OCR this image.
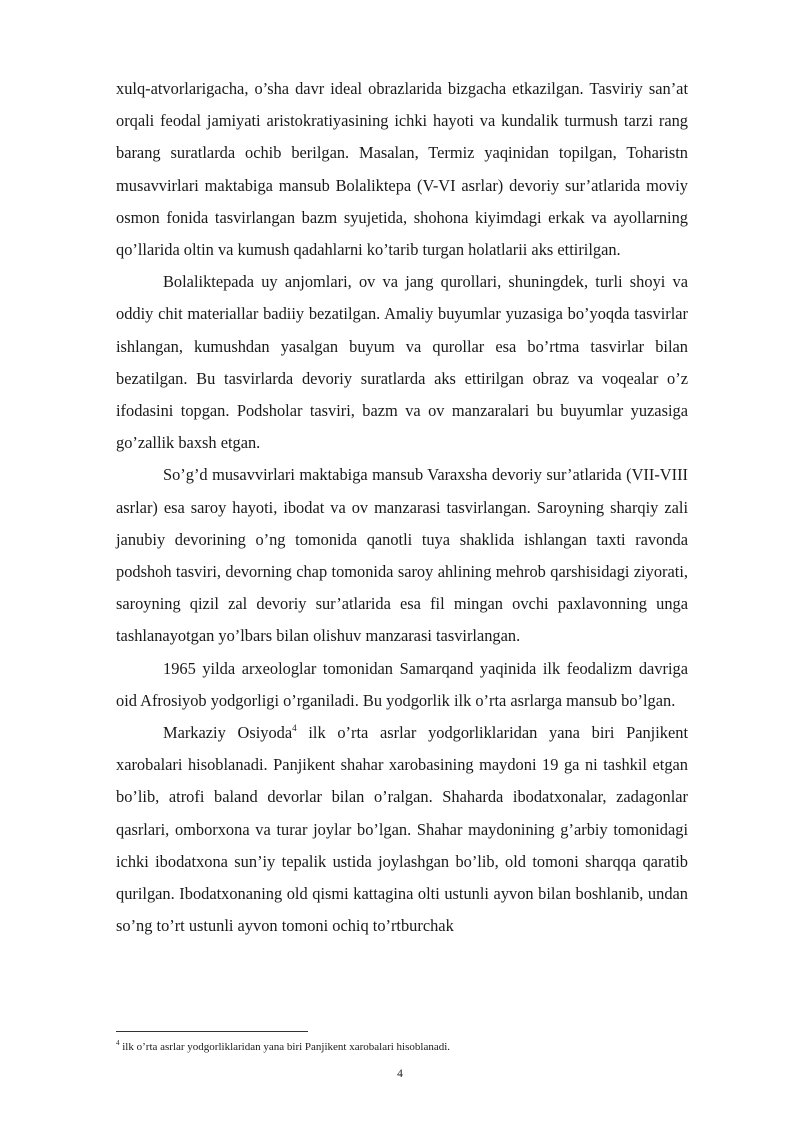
xulq-atvorlarigacha, o’sha davr ideal obrazlarida bizgacha etkazilgan. Tasviriy san’at orqali feodal jamiyati aristokratiyasining ichki hayoti va kundalik turmush tarzi rang barang suratlarda ochib berilgan. Masalan, Termiz yaqinidan topilgan, Toharistn musavvirlari maktabiga mansub Bolaliktepa (V-VI asrlar) devoriy sur’atlarida moviy osmon fonida tasvirlangan bazm syujetida, shohona kiyimdagi erkak va ayollarning qo’llarida oltin va kumush qadahlarni ko’tarib turgan holatlarii aks ettirilgan.

Bolaliktepada uy anjomlari, ov va jang qurollari, shuningdek, turli shoyi va oddiy chit materiallar badiiy bezatilgan. Amaliy buyumlar yuzasiga bo’yoqda tasvirlar ishlangan, kumushdan yasalgan buyum va qurollar esa bo’rtma tasvirlar bilan bezatilgan. Bu tasvirlarda devoriy suratlarda aks ettirilgan obraz va voqealar o’z ifodasini topgan. Podsholar tasviri, bazm va ov manzaralari bu buyumlar yuzasiga go’zallik baxsh etgan.

So’g’d musavvirlari maktabiga mansub Varaxsha devoriy sur’atlarida (VII-VIII asrlar) esa saroy hayoti, ibodat va ov manzarasi tasvirlangan. Saroyning sharqiy zali janubiy devorining o’ng tomonida qanotli tuya shaklida ishlangan taxti ravonda podshoh tasviri, devorning chap tomonida saroy ahlining mehrob qarshisidagi ziyorati, saroyning qizil zal devoriy sur’atlarida esa fil mingan ovchi paxlavonning unga tashlanayotgan yo’lbars bilan olishuv manzarasi tasvirlangan.

1965 yilda arxeologlar tomonidan Samarqand yaqinida ilk feodalizm davriga oid Afrosiyob yodgorligi o’rganiladi. Bu yodgorlik ilk o’rta asrlarga mansub bo’lgan.

Markaziy Osiyoda$^4$ ilk o’rta asrlar yodgorliklaridan yana biri Panjikent xarobalari hisoblanadi. Panjikent shahar xarobasining maydoni 19 ga ni tashkil etgan bo’lib, atrofi baland devorlar bilan o’ralgan. Shaharda ibodatxonalar, zadagonlar qasrlari, omborxona va turar joylar bo’lgan. Shahar maydonining g’arbiy tomonidagi ichki ibodatxona sun’iy tepalik ustida joylashgan bo’lib, old tomoni sharqqa qaratib qurilgan. Ibodatxonaning old qismi kattagina olti ustunli ayvon bilan boshlanib, undan so’ng to’rt ustunli ayvon tomoni ochiq to’rtburchak

$^4$ ilk o’rta asrlar yodgorliklaridan yana biri Panjikent xarobalari hisoblanadi.
4
